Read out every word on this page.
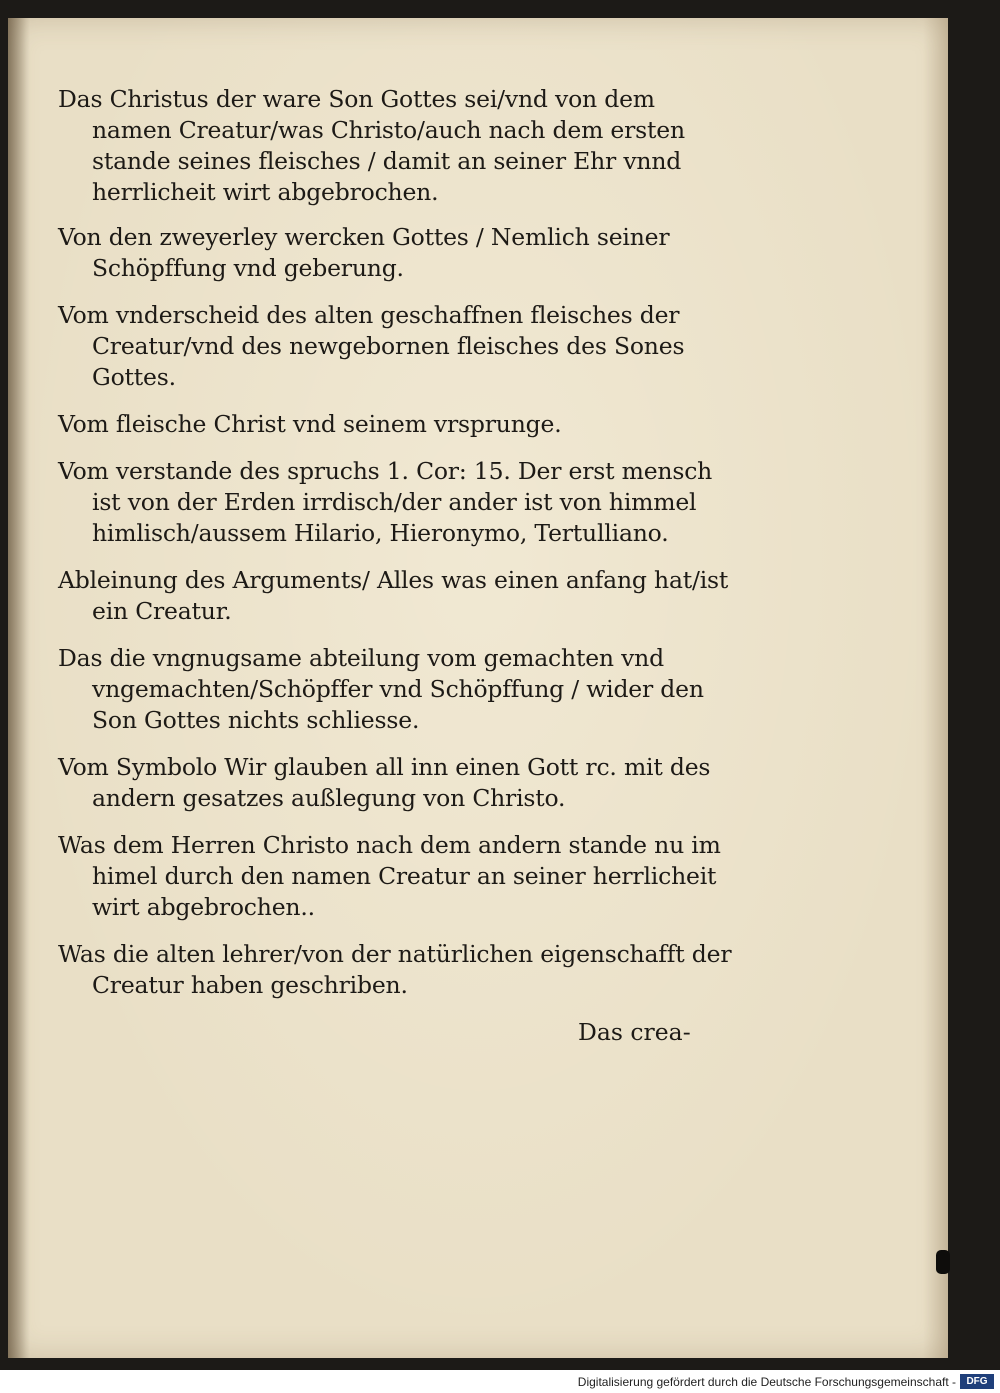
Das Christus der ware Son Gottes sei/vnd von dem namen Creatur/was Christo/auch nach dem ersten stande seines fleisches / damit an seiner Ehr vnnd herrlicheit wirt abgebrochen.

Von den zweyerley wercken Gottes / Nemlich seiner Schöpffung vnd geberung.

Vom vnderscheid des alten geschaffnen fleisches der Creatur/vnd des newgebornen fleisches des Sones Gottes.

Vom fleische Christ vnd seinem vrsprunge.

Vom verstande des spruchs 1. Cor: 15. Der erst mensch ist von der Erden irrdisch/der ander ist von himmel himlisch/aussem Hilario, Hieronymo, Tertulliano.

Ableinung des Arguments/ Alles was einen anfang hat/ist ein Creatur.

Das die vngnugsame abteilung vom gemachten vnd vngemachten/Schöpffer vnd Schöpffung / wider den Son Gottes nichts schliesse.

Vom Symbolo Wir glauben all inn einen Gott rc. mit des andern gesatzes außlegung von Christo.

Was dem Herren Christo nach dem andern stande nu im himel durch den namen Creatur an seiner herrlicheit wirt abgebrochen..

Was die alten lehrer/von der natürlichen eigenschafft der Creatur haben geschriben.

Das crea-
Digitalisierung gefördert durch die Deutsche Forschungsgemeinschaft -	DFG
